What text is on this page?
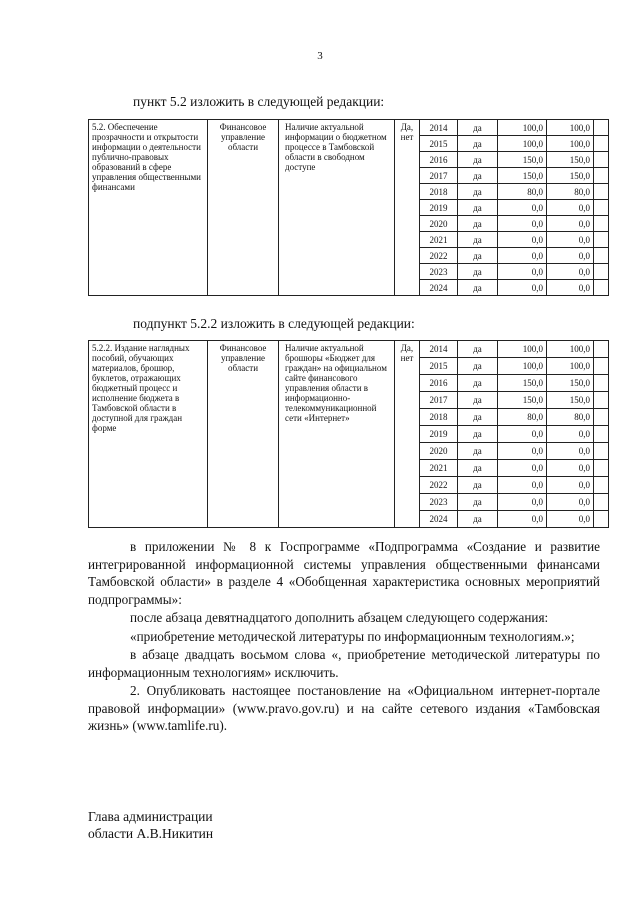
3
пункт 5.2 изложить в следующей редакции:
5.2. Обеспечение прозрачности и открытости информации о деятельности публично-правовых образований в сфере управления общественными финансами	Финансовое управление области	Наличие актуальной информации о бюджетном процессе в Тамбовской области в свободном доступе	Да, нет	2014	да	100,0	100,0	
				2015	да	100,0	100,0	
				2016	да	150,0	150,0	
				2017	да	150,0	150,0	
				2018	да	80,0	80,0	
				2019	да	0,0	0,0	
				2020	да	0,0	0,0	
				2021	да	0,0	0,0	
				2022	да	0,0	0,0	
				2023	да	0,0	0,0	
				2024	да	0,0	0,0	
подпункт 5.2.2 изложить в следующей редакции:
5.2.2. Издание наглядных пособий, обучающих материалов, брошюр, буклетов, отражающих бюджетный процесс и исполнение бюджета в Тамбовской области в доступной для граждан форме	Финансовое управление области	Наличие актуальной брошюры «Бюджет для граждан» на официальном сайте финансового управления области в информационно-телекоммуникационной сети «Интернет»	Да, нет	2014	да	100,0	100,0	
				2015	да	100,0	100,0	
				2016	да	150,0	150,0	
				2017	да	150,0	150,0	
				2018	да	80,0	80,0	
				2019	да	0,0	0,0	
				2020	да	0,0	0,0	
				2021	да	0,0	0,0	
				2022	да	0,0	0,0	
				2023	да	0,0	0,0	
				2024	да	0,0	0,0	

в приложении № 8 к Госпрограмме «Подпрограмма «Создание и развитие интегрированной информационной системы управления общественными финансами Тамбовской области» в разделе 4 «Обобщенная характеристика основных мероприятий подпрограммы»:

после абзаца девятнадцатого дополнить абзацем следующего содержания:

«приобретение методической литературы по информационным технологиям.»;

в абзаце двадцать восьмом слова «, приобретение методической литературы по информационным технологиям» исключить.

2. Опубликовать настоящее постановление на «Официальном интернет-портале правовой информации» (www.pravo.gov.ru) и на сайте сетевого издания «Тамбовская жизнь» (www.tamlife.ru).

Глава администрации
области А.В.Никитин
